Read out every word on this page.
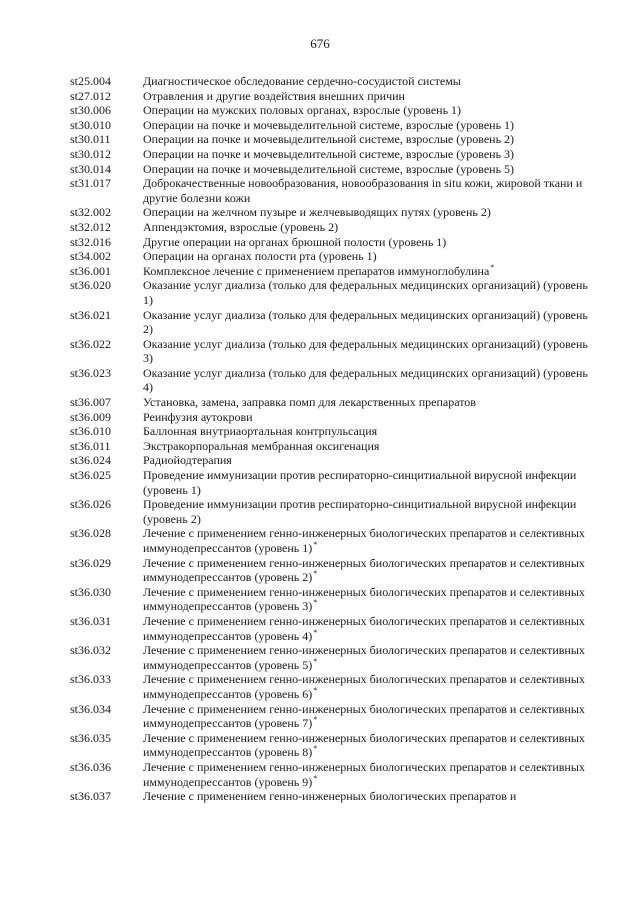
676
st25.004	Диагностическое обследование сердечно-сосудистой системы
st27.012	Отравления и другие воздействия внешних причин
st30.006	Операции на мужских половых органах, взрослые (уровень 1)
st30.010	Операции на почке и мочевыделительной системе, взрослые (уровень 1)
st30.011	Операции на почке и мочевыделительной системе, взрослые (уровень 2)
st30.012	Операции на почке и мочевыделительной системе, взрослые (уровень 3)
st30.014	Операции на почке и мочевыделительной системе, взрослые (уровень 5)
st31.017	Доброкачественные новообразования, новообразования in situ кожи, жировой ткани и другие болезни кожи
st32.002	Операции на желчном пузыре и желчевыводящих путях (уровень 2)
st32.012	Аппендэктомия, взрослые (уровень 2)
st32.016	Другие операции на органах брюшной полости (уровень 1)
st34.002	Операции на органах полости рта (уровень 1)
st36.001	Комплексное лечение с применением препаратов иммуноглобулина*
st36.020	Оказание услуг диализа (только для федеральных медицинских организаций) (уровень 1)
st36.021	Оказание услуг диализа (только для федеральных медицинских организаций) (уровень 2)
st36.022	Оказание услуг диализа (только для федеральных медицинских организаций) (уровень 3)
st36.023	Оказание услуг диализа (только для федеральных медицинских организаций) (уровень 4)
st36.007	Установка, замена, заправка помп для лекарственных препаратов
st36.009	Реинфузия аутокрови
st36.010	Баллонная внутриаортальная контрпульсация
st36.011	Экстракорпоральная мембранная оксигенация
st36.024	Радиойодтерапия
st36.025	Проведение иммунизации против респираторно-синцитиальной вирусной инфекции (уровень 1)
st36.026	Проведение иммунизации против респираторно-синцитиальной вирусной инфекции (уровень 2)
st36.028	Лечение с применением генно-инженерных биологических препаратов и селективных иммунодепрессантов (уровень 1)*
st36.029	Лечение с применением генно-инженерных биологических препаратов и селективных иммунодепрессантов (уровень 2)*
st36.030	Лечение с применением генно-инженерных биологических препаратов и селективных иммунодепрессантов (уровень 3)*
st36.031	Лечение с применением генно-инженерных биологических препаратов и селективных иммунодепрессантов (уровень 4)*
st36.032	Лечение с применением генно-инженерных биологических препаратов и селективных иммунодепрессантов (уровень 5)*
st36.033	Лечение с применением генно-инженерных биологических препаратов и селективных иммунодепрессантов (уровень 6)*
st36.034	Лечение с применением генно-инженерных биологических препаратов и селективных иммунодепрессантов (уровень 7)*
st36.035	Лечение с применением генно-инженерных биологических препаратов и селективных иммунодепрессантов (уровень 8)*
st36.036	Лечение с применением генно-инженерных биологических препаратов и селективных иммунодепрессантов (уровень 9)*
st36.037	Лечение с применением генно-инженерных биологических препаратов и
